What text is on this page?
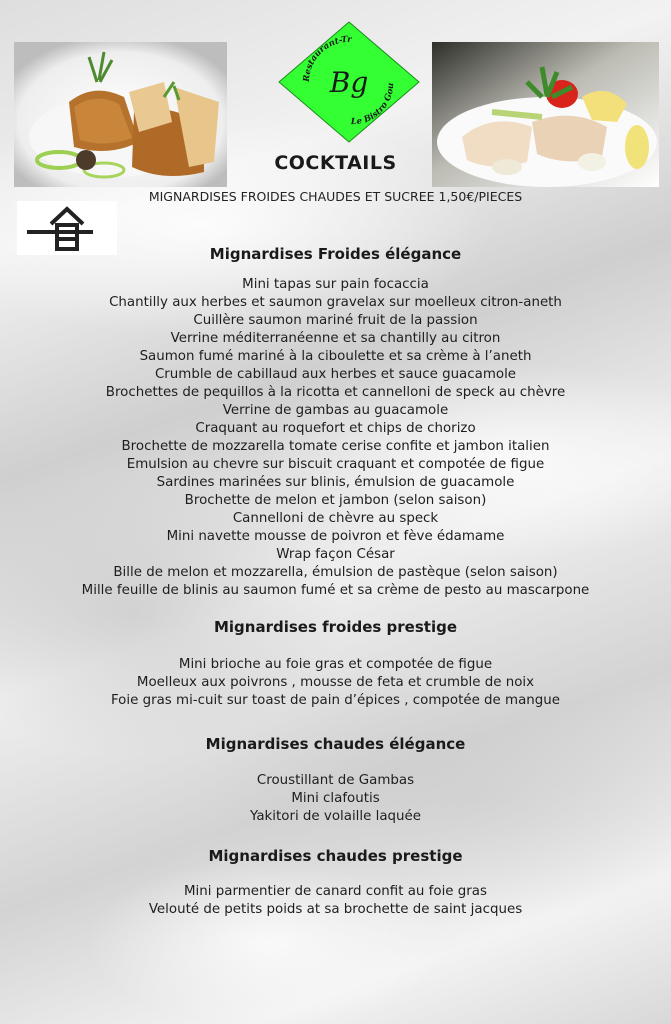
Restaurant-Tr
Bg
Le Bistro Gou
COCKTAILS
MIGNARDISES FROIDES CHAUDES ET SUCREE 1,50€/PIECES
Mignardises Froides élégance
Mini tapas sur pain focaccia
Chantilly aux herbes et saumon gravelax sur moelleux citron-aneth
Cuillère saumon mariné fruit de la passion
Verrine méditerranéenne et sa chantilly au citron
Saumon fumé mariné à la ciboulette et sa crème à l’aneth
Crumble de cabillaud aux herbes et sauce guacamole
Brochettes de pequillos à la ricotta et cannelloni de speck au chèvre
Verrine de gambas au guacamole
Craquant au roquefort et chips de chorizo
Brochette de mozzarella tomate cerise confite et jambon italien
Emulsion au chevre sur biscuit craquant et compotée de figue
Sardines marinées sur blinis, émulsion de guacamole
Brochette de melon et jambon (selon saison)
Cannelloni de chèvre au speck
Mini navette mousse de poivron et fève édamame
Wrap façon César
Bille de melon et mozzarella, émulsion de pastèque (selon saison)
Mille feuille de blinis au saumon fumé et sa crème de pesto au mascarpone
Mignardises froides prestige
Mini brioche au foie gras et compotée de figue
Moelleux aux poivrons , mousse de feta et crumble de noix
Foie gras mi-cuit sur toast de pain d’épices , compotée de mangue
Mignardises chaudes élégance
Croustillant de Gambas
Mini clafoutis
Yakitori de volaille laquée
Mignardises chaudes prestige
Mini parmentier de canard confit au foie gras
Velouté de petits poids at sa brochette de saint jacques
